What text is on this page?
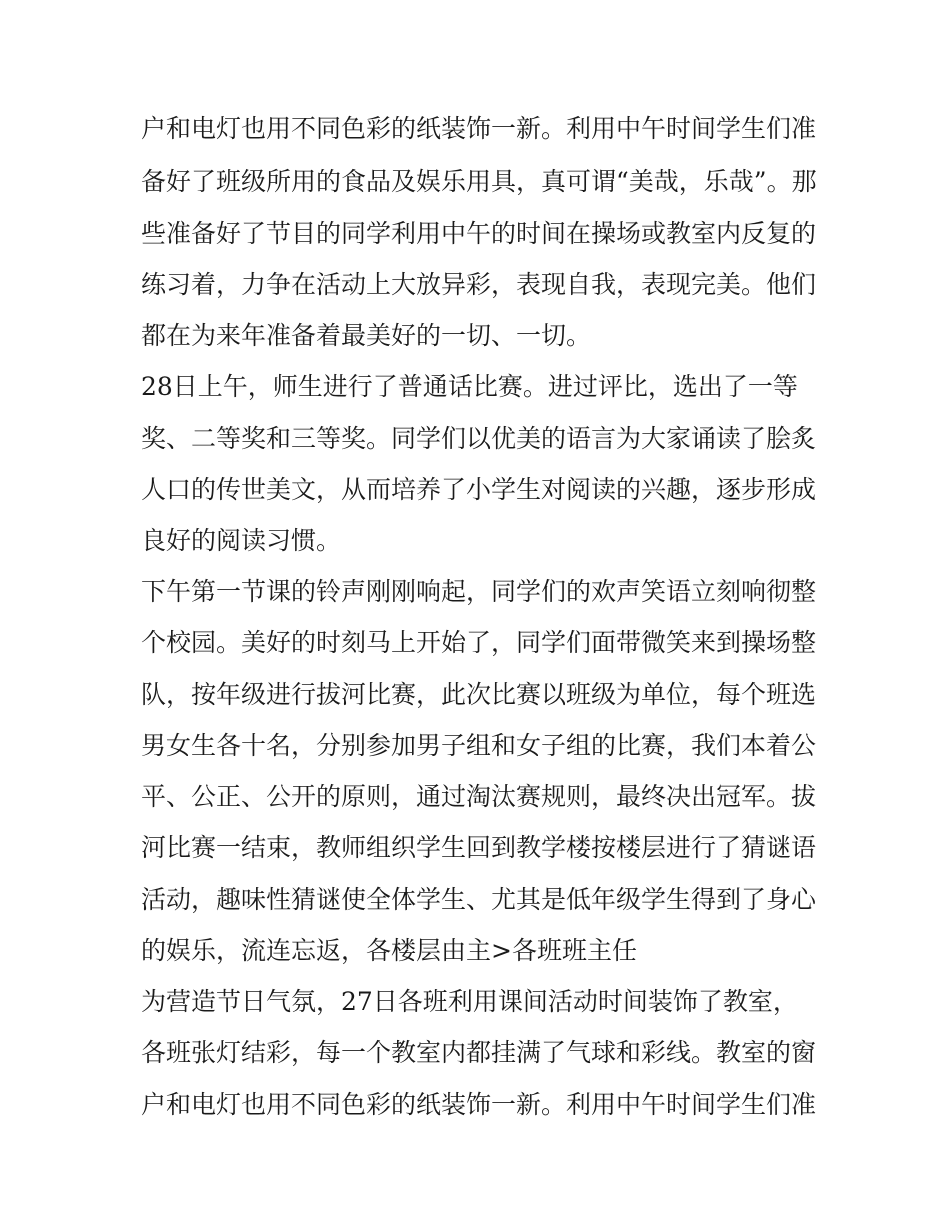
户和电灯也用不同色彩的纸装饰一新。利用中午时间学生们准
备好了班级所用的食品及娱乐用具，真可谓“美哉，乐哉”。那
些准备好了节目的同学利用中午的时间在操场或教室内反复的
练习着，力争在活动上大放异彩，表现自我，表现完美。他们
都在为来年准备着最美好的一切、一切。
28日上午，师生进行了普通话比赛。进过评比，选出了一等
奖、二等奖和三等奖。同学们以优美的语言为大家诵读了脍炙
人口的传世美文，从而培养了小学生对阅读的兴趣，逐步形成
良好的阅读习惯。
下午第一节课的铃声刚刚响起，同学们的欢声笑语立刻响彻整
个校园。美好的时刻马上开始了，同学们面带微笑来到操场整
队，按年级进行拔河比赛，此次比赛以班级为单位，每个班选
男女生各十名，分别参加男子组和女子组的比赛，我们本着公
平、公正、公开的原则，通过淘汰赛规则，最终决出冠军。拔
河比赛一结束，教师组织学生回到教学楼按楼层进行了猜谜语
活动，趣味性猜谜使全体学生、尤其是低年级学生得到了身心
的娱乐，流连忘返，各楼层由主>各班班主任
为营造节日气氛，27日各班利用课间活动时间装饰了教室，
各班张灯结彩，每一个教室内都挂满了气球和彩线。教室的窗
户和电灯也用不同色彩的纸装饰一新。利用中午时间学生们准
